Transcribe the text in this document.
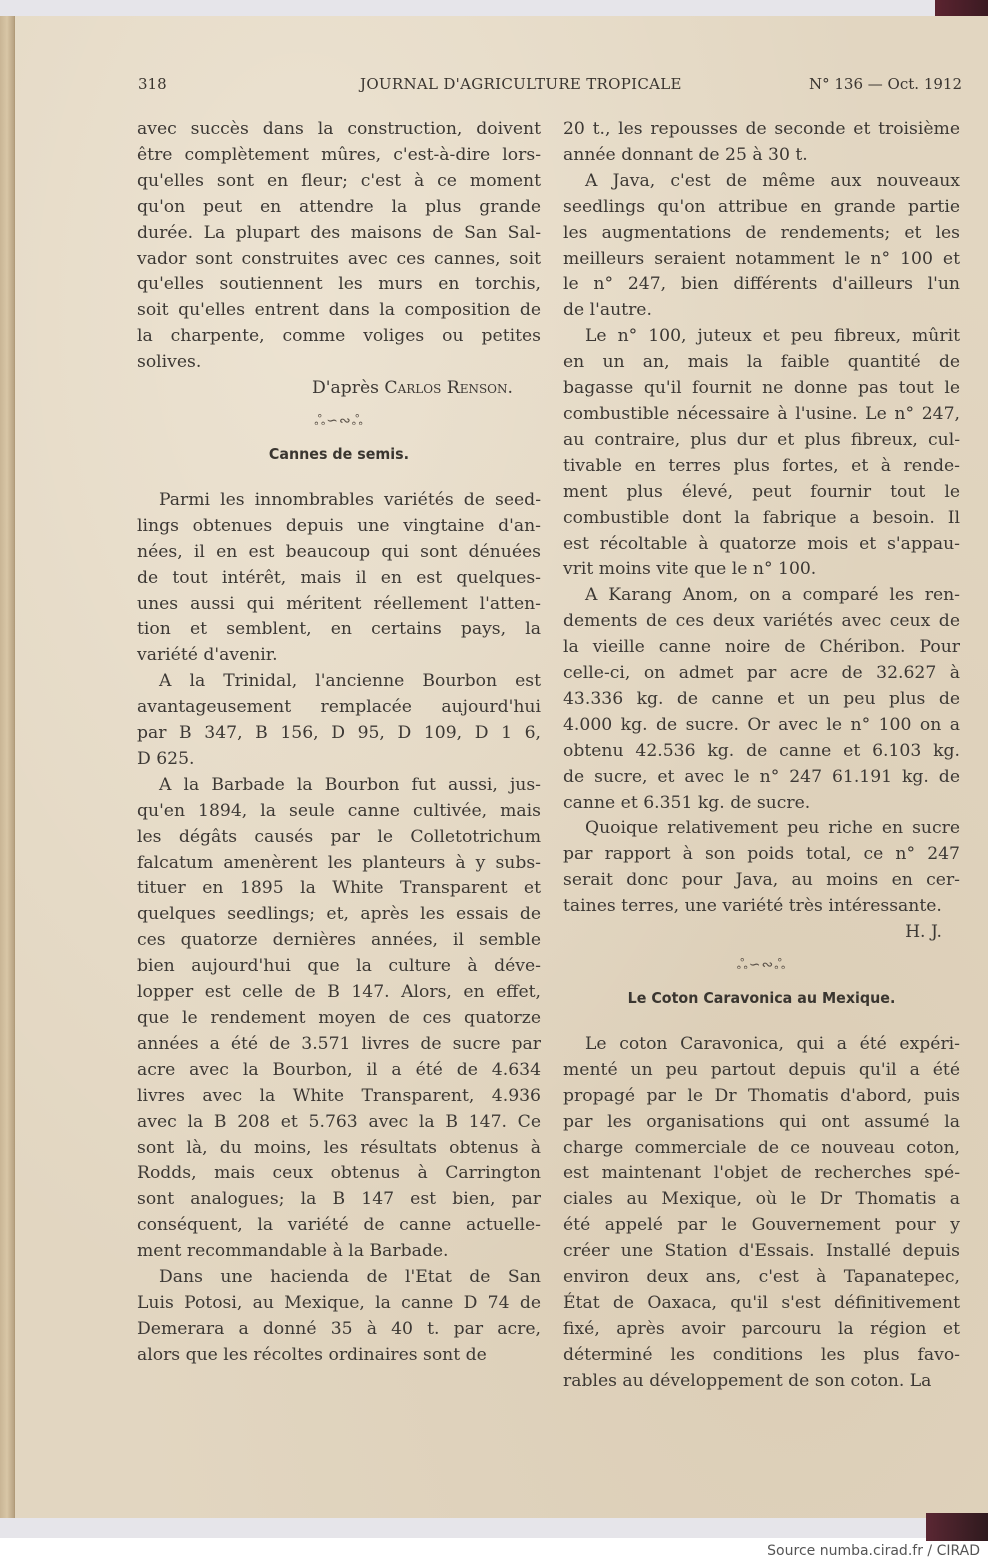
318	JOURNAL D'AGRICULTURE TROPICALE	N° 136 — Oct. 1912

avec succès dans la construction, doivent
être complètement mûres, c'est-à-dire lors-
qu'elles sont en fleur; c'est à ce moment
qu'on peut en attendre la plus grande
durée. La plupart des maisons de San Sal-
vador sont construites avec ces cannes, soit
qu'elles soutiennent les murs en torchis,
soit qu'elles entrent dans la composition de
la charpente, comme voliges ou petites
solives.

D'après Carlos Renson.
ஃ∽∾ஃ
Cannes de semis.

Parmi les innombrables variétés de seed-
lings obtenues depuis une vingtaine d'an-
nées, il en est beaucoup qui sont dénuées
de tout intérêt, mais il en est quelques-
unes aussi qui méritent réellement l'atten-
tion et semblent, en certains pays, la
variété d'avenir.

A la Trinidal, l'ancienne Bourbon est
avantageusement remplacée aujourd'hui
par B 347, B 156, D 95, D 109, D 1 6,
D 625.

A la Barbade la Bourbon fut aussi, jus-
qu'en 1894, la seule canne cultivée, mais
les dégâts causés par le Colletotrichum
falcatum amenèrent les planteurs à y subs-
tituer en 1895 la White Transparent et
quelques seedlings; et, après les essais de
ces quatorze dernières années, il semble
bien aujourd'hui que la culture à déve-
lopper est celle de B 147. Alors, en effet,
que le rendement moyen de ces quatorze
années a été de 3.571 livres de sucre par
acre avec la Bourbon, il a été de 4.634
livres avec la White Transparent, 4.936
avec la B 208 et 5.763 avec la B 147. Ce
sont là, du moins, les résultats obtenus à
Rodds, mais ceux obtenus à Carrington
sont analogues; la B 147 est bien, par
conséquent, la variété de canne actuelle-
ment recommandable à la Barbade.

Dans une hacienda de l'Etat de San
Luis Potosi, au Mexique, la canne D 74 de
Demerara a donné 35 à 40 t. par acre,
alors que les récoltes ordinaires sont de

20 t., les repousses de seconde et troisième
année donnant de 25 à 30 t.

A Java, c'est de même aux nouveaux
seedlings qu'on attribue en grande partie
les augmentations de rendements; et les
meilleurs seraient notamment le n° 100 et
le n° 247, bien différents d'ailleurs l'un
de l'autre.

Le n° 100, juteux et peu fibreux, mûrit
en un an, mais la faible quantité de
bagasse qu'il fournit ne donne pas tout le
combustible nécessaire à l'usine. Le n° 247,
au contraire, plus dur et plus fibreux, cul-
tivable en terres plus fortes, et à rende-
ment plus élevé, peut fournir tout le
combustible dont la fabrique a besoin. Il
est récoltable à quatorze mois et s'appau-
vrit moins vite que le n° 100.

A Karang Anom, on a comparé les ren-
dements de ces deux variétés avec ceux de
la vieille canne noire de Chéribon. Pour
celle-ci, on admet par acre de 32.627 à
43.336 kg. de canne et un peu plus de
4.000 kg. de sucre. Or avec le n° 100 on a
obtenu 42.536 kg. de canne et 6.103 kg.
de sucre, et avec le n° 247 61.191 kg. de
canne et 6.351 kg. de sucre.

Quoique relativement peu riche en sucre
par rapport à son poids total, ce n° 247
serait donc pour Java, au moins en cer-
taines terres, une variété très intéressante.

H. J.
ஃ∽∾ஃ
Le Coton Caravonica au Mexique.

Le coton Caravonica, qui a été expéri-
menté un peu partout depuis qu'il a été
propagé par le Dr Thomatis d'abord, puis
par les organisations qui ont assumé la
charge commerciale de ce nouveau coton,
est maintenant l'objet de recherches spé-
ciales au Mexique, où le Dr Thomatis a
été appelé par le Gouvernement pour y
créer une Station d'Essais. Installé depuis
environ deux ans, c'est à Tapanatepec,
État de Oaxaca, qu'il s'est définitivement
fixé, après avoir parcouru la région et
déterminé les conditions les plus favo-
rables au développement de son coton. La

Source numba.cirad.fr / CIRAD
